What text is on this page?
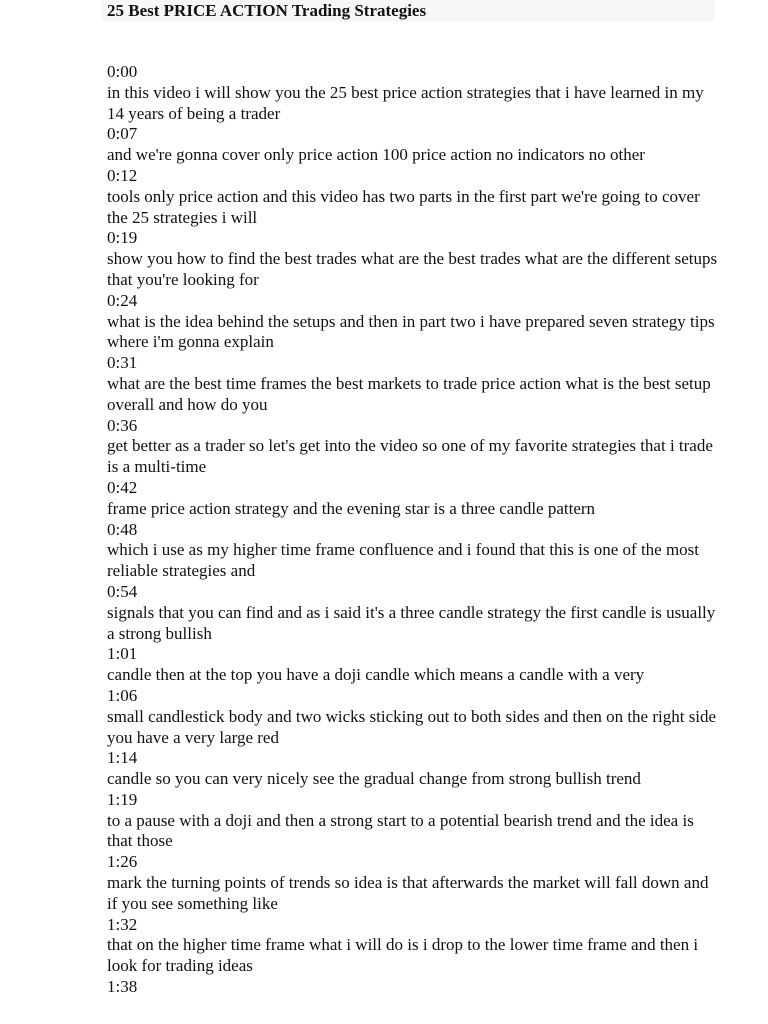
25 Best PRICE ACTION Trading Strategies
0:00
in this video i will show you the 25 best price action strategies that i have learned in my 14 years of being a trader
0:07
and we're gonna cover only price action 100 price action no indicators no other
0:12
tools only price action and this video has two parts in the first part we're going to cover the 25 strategies i will
0:19
show you how to find the best trades what are the best trades what are the different setups that you're looking for
0:24
what is the idea behind the setups and then in part two i have prepared seven strategy tips where i'm gonna explain
0:31
what are the best time frames the best markets to trade price action what is the best setup overall and how do you
0:36
get better as a trader so let's get into the video so one of my favorite strategies that i trade is a multi-time
0:42
frame price action strategy and the evening star is a three candle pattern
0:48
which i use as my higher time frame confluence and i found that this is one of the most reliable strategies and
0:54
signals that you can find and as i said it's a three candle strategy the first candle is usually a strong bullish
1:01
candle then at the top you have a doji candle which means a candle with a very
1:06
small candlestick body and two wicks sticking out to both sides and then on the right side you have a very large red
1:14
candle so you can very nicely see the gradual change from strong bullish trend
1:19
to a pause with a doji and then a strong start to a potential bearish trend and the idea is that those
1:26
mark the turning points of trends so idea is that afterwards the market will fall down and if you see something like
1:32
that on the higher time frame what i will do is i drop to the lower time frame and then i look for trading ideas
1:38
